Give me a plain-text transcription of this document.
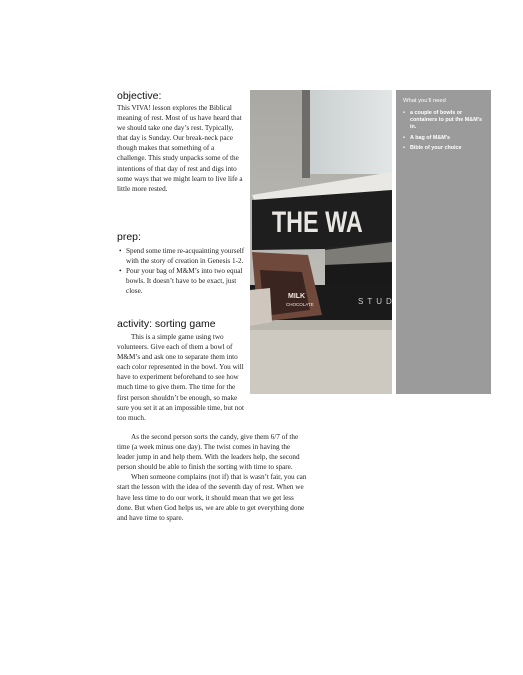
objective:

This VIVA! lesson explores the Biblical meaning of rest. Most of us have heard that we should take one day’s rest. Typically, that day is Sunday. Our break-neck pace though makes that something of a challenge. This study unpacks some of the intentions of that day of rest and digs into some ways that we might learn to live life a little more rested.

prep:
• Spend some time re-acquainting yourself with the story of creation in Genesis 1-2.
• Pour your bag of M&M’s into two equal bowls. It doesn’t have to be exact, just close.
activity: sorting game

This is a simple game using two volunteers. Give each of them a bowl of M&M’s and ask one to separate them into each color represented in the bowl. You will have to experiment beforehand to see how much time to give them. The time for the first person shouldn’t be enough, so make sure you set it at an impossible time, but not too much.

As the second person sorts the candy, give them 6/7 of the time (a week minus one day). The twist comes in having the leader jump in and help them. With the leaders help, the second person should be able to finish the sorting with time to spare.

When someone complains (not if) that is wasn’t fair, you can start the lesson with the idea of the seventh day of rest. When we have less time to do our work, it should mean that we get less done. But when God helps us, we are able to get everything done and have time to spare.

THE WA
STUD
MILK
CHOCOLATE
What you’ll need
• a couple of bowls or containers to put the M&M’s in.
• A bag of M&M’s
• Bible of your choice
